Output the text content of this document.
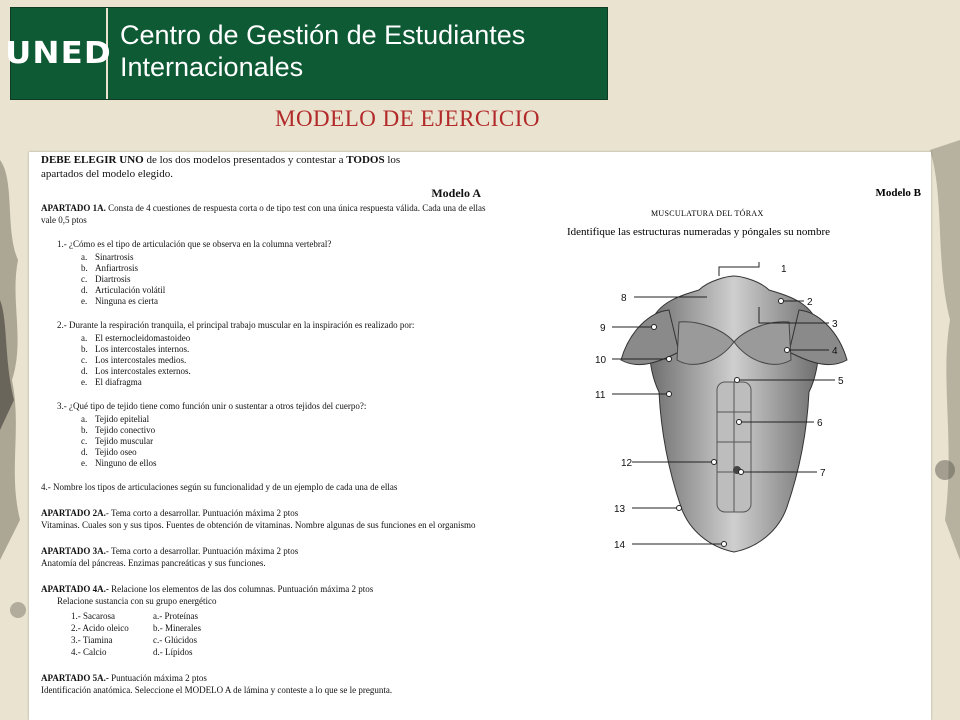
UNED
Centro de Gestión de Estudiantes
Internacionales
MODELO DE EJERCICIO
DEBE ELEGIR UNO de los dos modelos presentados y contestar a TODOS los
apartados del modelo elegido.
Modelo A
APARTADO 1A. Consta de 4 cuestiones de respuesta corta o de tipo test con una única respuesta válida. Cada una de ellas vale 0,5 ptos
1.- ¿Cómo es el tipo de articulación que se observa en la columna vertebral?
a. Sinartrosis
b. Anfiartrosis
c. Diartrosis
d. Articulación volátil
e. Ninguna es cierta
2.- Durante la respiración tranquila, el principal trabajo muscular en la inspiración es realizado por:
a. El esternocleidomastoideo
b. Los intercostales internos.
c. Los intercostales medios.
d. Los intercostales externos.
e. El diafragma
3.- ¿Qué tipo de tejido tiene como función unir o sustentar a otros tejidos del cuerpo?:
a. Tejido epitelial
b. Tejido conectivo
c. Tejido muscular
d. Tejido oseo
e. Ninguno de ellos
4.- Nombre los tipos de articulaciones según su funcionalidad y de un ejemplo de cada una de ellas
APARTADO 2A.- Tema corto a desarrollar. Puntuación máxima 2 ptos
Vitaminas. Cuales son y sus tipos. Fuentes de obtención de vitaminas. Nombre algunas de sus funciones en el organismo
APARTADO 3A.- Tema corto a desarrollar. Puntuación máxima 2 ptos
Anatomía del páncreas. Enzimas pancreáticas y sus funciones.
APARTADO 4A.- Relacione los elementos de las dos columnas. Puntuación máxima 2 ptos
Relacione sustancia con su grupo energético
1.- Sacarosa	a.- Proteínas
2.- Acido oleico	b.- Minerales
3.- Tiamina	c.- Glúcidos
4.- Calcio	d.- Lípidos
APARTADO 5A.- Puntuación máxima 2 ptos
Identificación anatómica. Seleccione el MODELO A de lámina y conteste a lo que se le pregunta.
Modelo B
MUSCULATURA DEL TÓRAX
Identifique las estructuras numeradas y póngales su nombre
1
2
3
4
5
6
7
8
9
10
11
12
13
14
